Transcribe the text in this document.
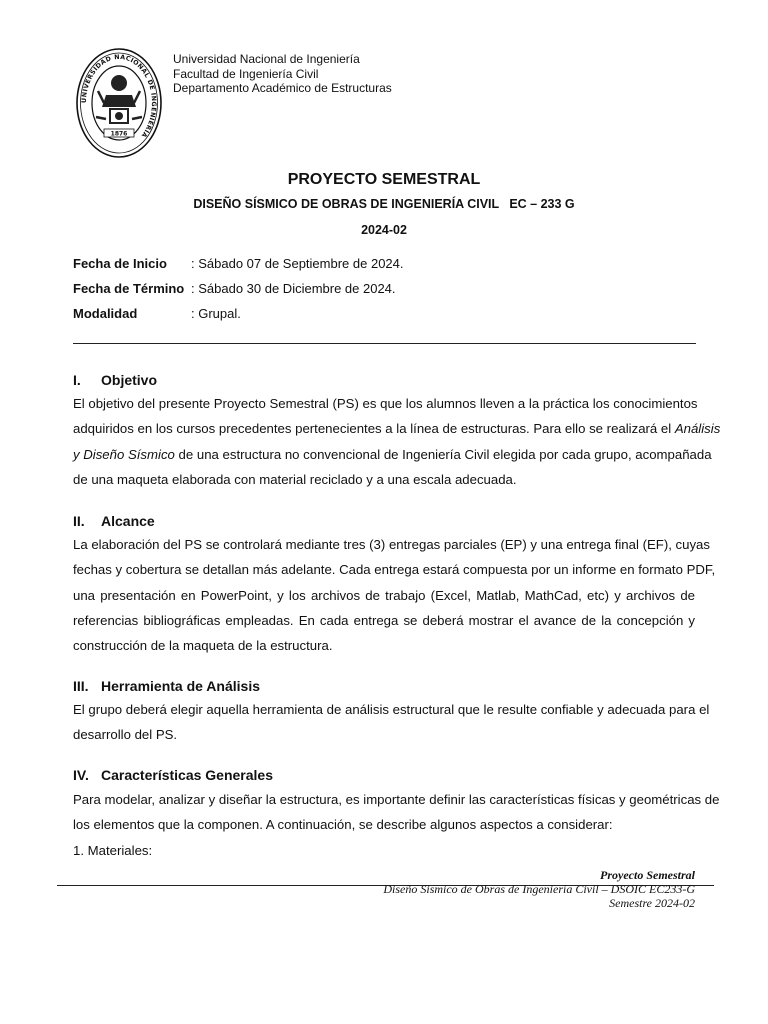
UNIVERSIDAD NACIONAL DE INGENIERÍA
1876
Universidad Nacional de Ingeniería
Facultad de Ingeniería Civil
Departamento Académico de Estructuras
PROYECTO SEMESTRAL
DISEÑO SÍSMICO DE OBRAS DE INGENIERÍA CIVIL   EC – 233 G
2024-02
Fecha de Inicio : Sábado 07 de Septiembre de 2024.
Fecha de Término : Sábado 30 de Diciembre de 2024.
Modalidad	: Grupal.
I. Objetivo
El objetivo del presente Proyecto Semestral (PS) es que los alumnos lleven a la práctica los conocimientos
adquiridos en los cursos precedentes pertenecientes a la línea de estructuras. Para ello se realizará el Análisis
y Diseño Sísmico de una estructura no convencional de Ingeniería Civil elegida por cada grupo, acompañada
de una maqueta elaborada con material reciclado y a una escala adecuada.
II. Alcance
La elaboración del PS se controlará mediante tres (3) entregas parciales (EP) y una entrega final (EF), cuyas
fechas y cobertura se detallan más adelante. Cada entrega estará compuesta por un informe en formato PDF,
una presentación en PowerPoint, y los archivos de trabajo (Excel, Matlab, MathCad, etc) y archivos de
referencias bibliográficas empleadas. En cada entrega se deberá mostrar el avance de la concepción y
construcción de la maqueta de la estructura.
III. Herramienta de Análisis
El grupo deberá elegir aquella herramienta de análisis estructural que le resulte confiable y adecuada para el
desarrollo del PS.
IV. Características Generales
Para modelar, analizar y diseñar la estructura, es importante definir las características físicas y geométricas de
los elementos que la componen. A continuación, se describe algunos aspectos a considerar:
1. Materiales:
Proyecto Semestral
Diseño Sismico de Obras de Ingeniería Civil – DSOIC EC233-G
Semestre 2024-02
